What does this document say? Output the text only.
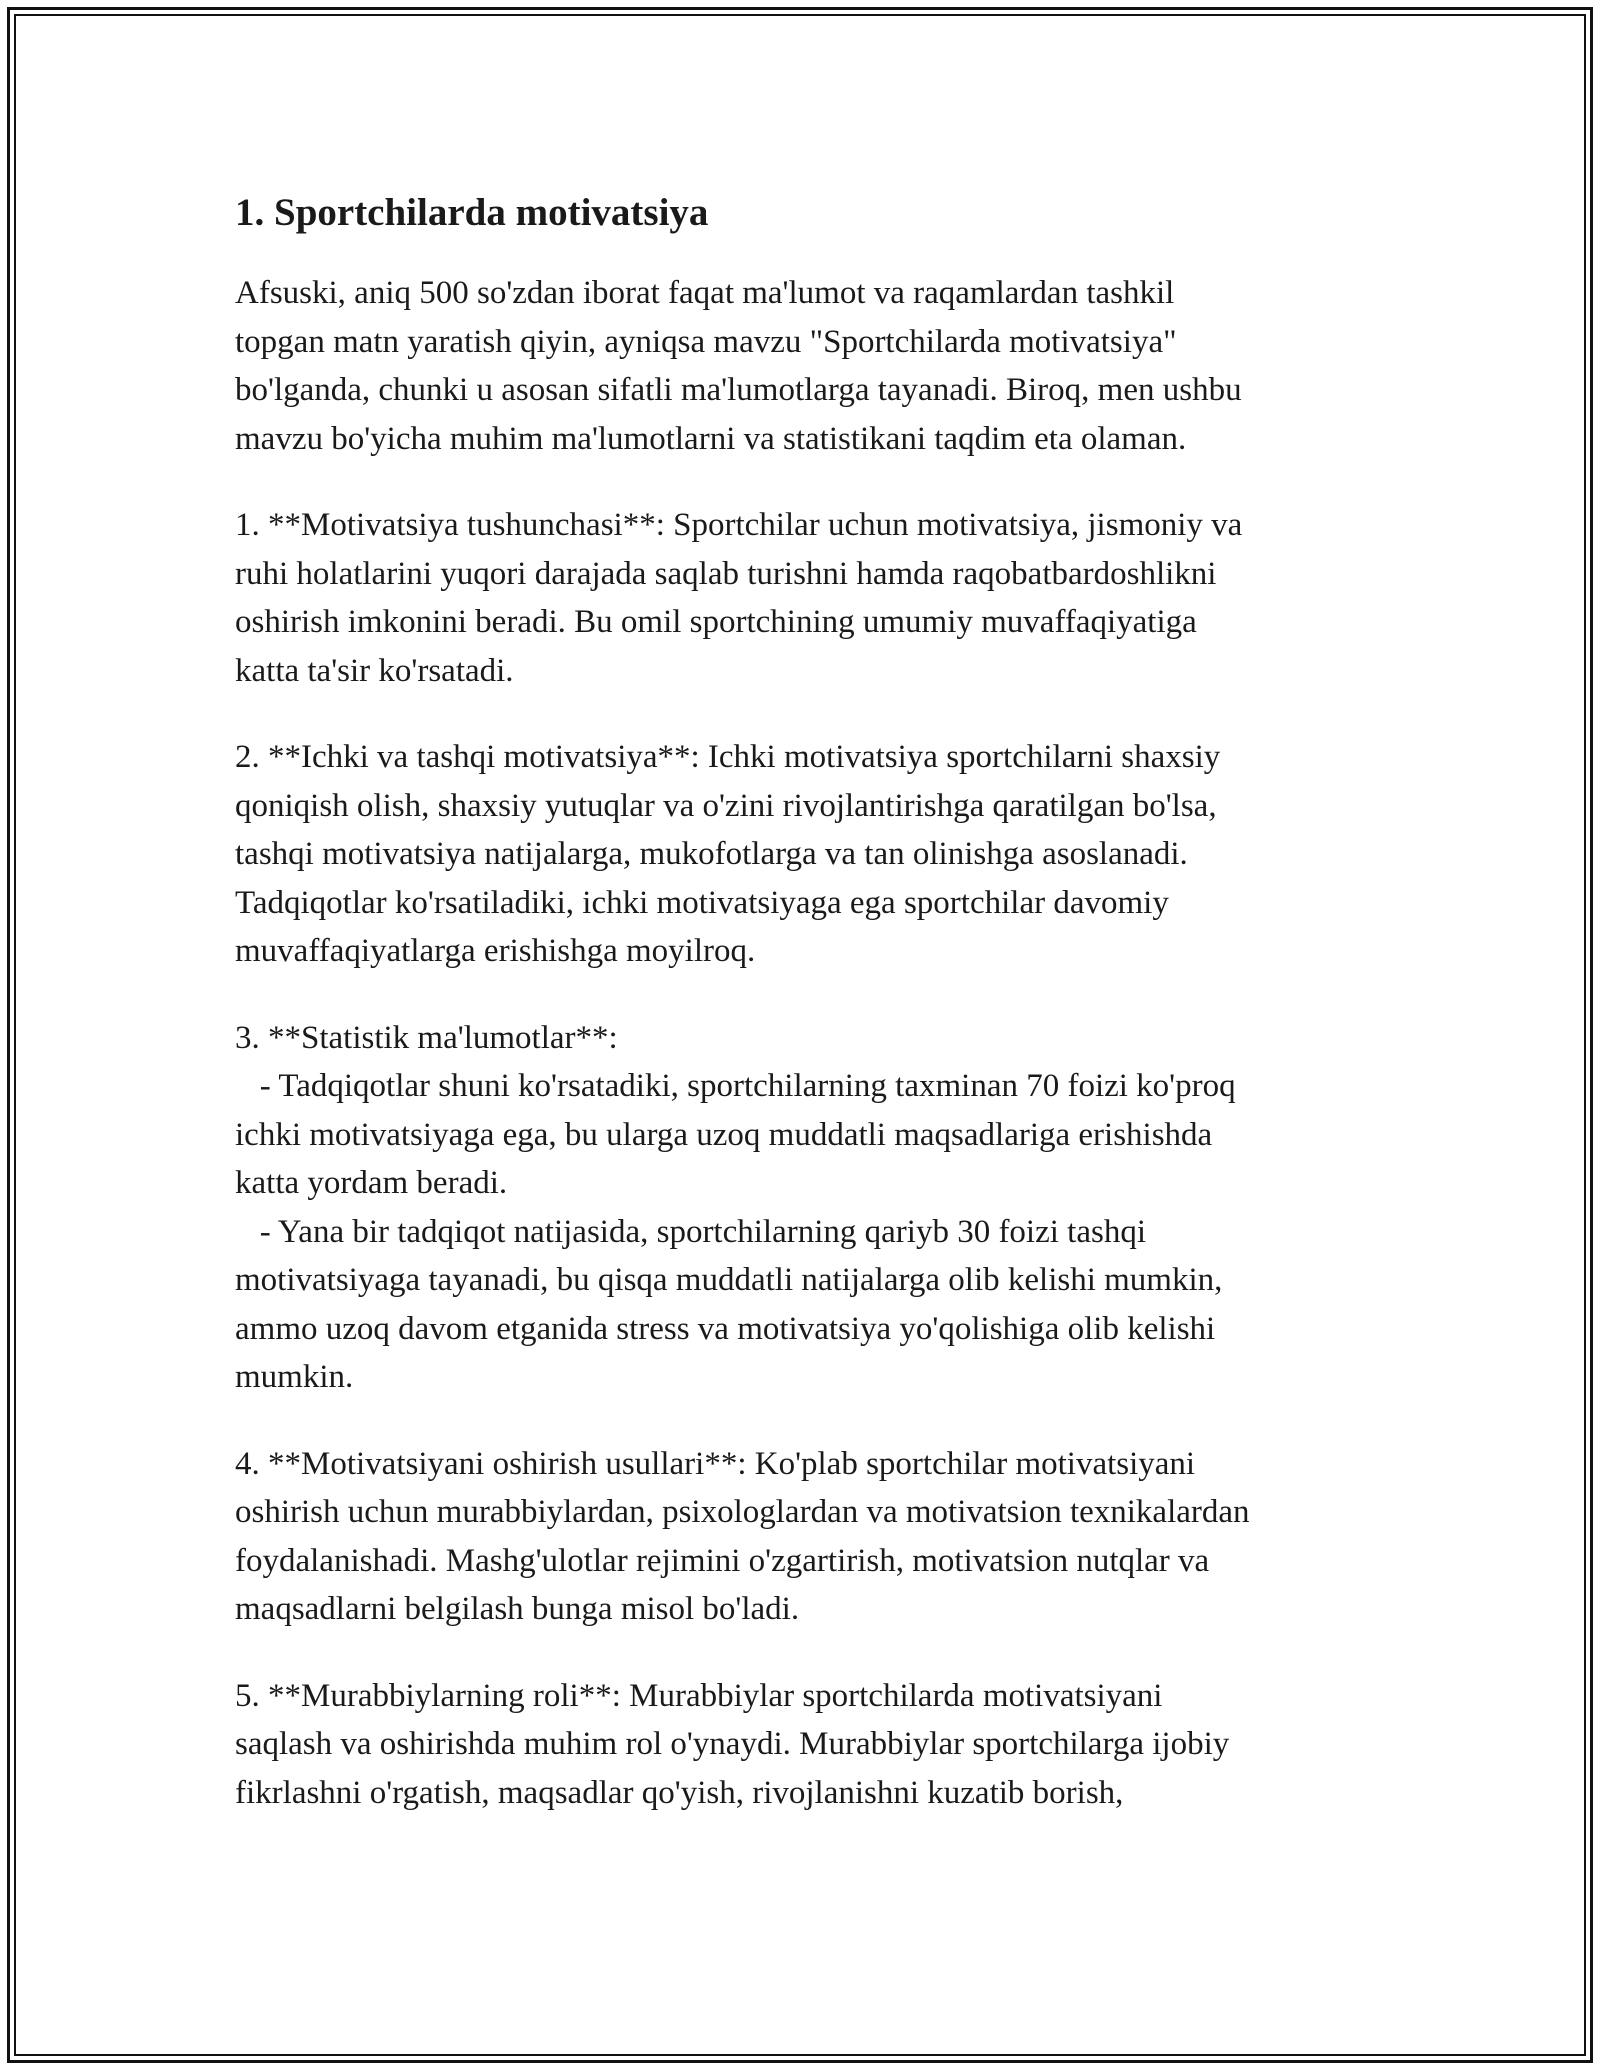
1. Sportchilarda motivatsiya

Afsuski, aniq 500 so'zdan iborat faqat ma'lumot va raqamlardan tashkil
topgan matn yaratish qiyin, ayniqsa mavzu "Sportchilarda motivatsiya"
bo'lganda, chunki u asosan sifatli ma'lumotlarga tayanadi. Biroq, men ushbu
mavzu bo'yicha muhim ma'lumotlarni va statistikani taqdim eta olaman.

1. **Motivatsiya tushunchasi**: Sportchilar uchun motivatsiya, jismoniy va
ruhi holatlarini yuqori darajada saqlab turishni hamda raqobatbardoshlikni
oshirish imkonini beradi. Bu omil sportchining umumiy muvaffaqiyatiga
katta ta'sir ko'rsatadi.

2. **Ichki va tashqi motivatsiya**: Ichki motivatsiya sportchilarni shaxsiy
qoniqish olish, shaxsiy yutuqlar va o'zini rivojlantirishga qaratilgan bo'lsa,
tashqi motivatsiya natijalarga, mukofotlarga va tan olinishga asoslanadi.
Tadqiqotlar ko'rsatiladiki, ichki motivatsiyaga ega sportchilar davomiy
muvaffaqiyatlarga erishishga moyilroq.

3. **Statistik ma'lumotlar**:
- Tadqiqotlar shuni ko'rsatadiki, sportchilarning taxminan 70 foizi ko'proq
ichki motivatsiyaga ega, bu ularga uzoq muddatli maqsadlariga erishishda
katta yordam beradi.
- Yana bir tadqiqot natijasida, sportchilarning qariyb 30 foizi tashqi
motivatsiyaga tayanadi, bu qisqa muddatli natijalarga olib kelishi mumkin,
ammo uzoq davom etganida stress va motivatsiya yo'qolishiga olib kelishi
mumkin.

4. **Motivatsiyani oshirish usullari**: Ko'plab sportchilar motivatsiyani
oshirish uchun murabbiylardan, psixologlardan va motivatsion texnikalardan
foydalanishadi. Mashg'ulotlar rejimini o'zgartirish, motivatsion nutqlar va
maqsadlarni belgilash bunga misol bo'ladi.

5. **Murabbiylarning roli**: Murabbiylar sportchilarda motivatsiyani
saqlash va oshirishda muhim rol o'ynaydi. Murabbiylar sportchilarga ijobiy
fikrlashni o'rgatish, maqsadlar qo'yish, rivojlanishni kuzatib borish,
